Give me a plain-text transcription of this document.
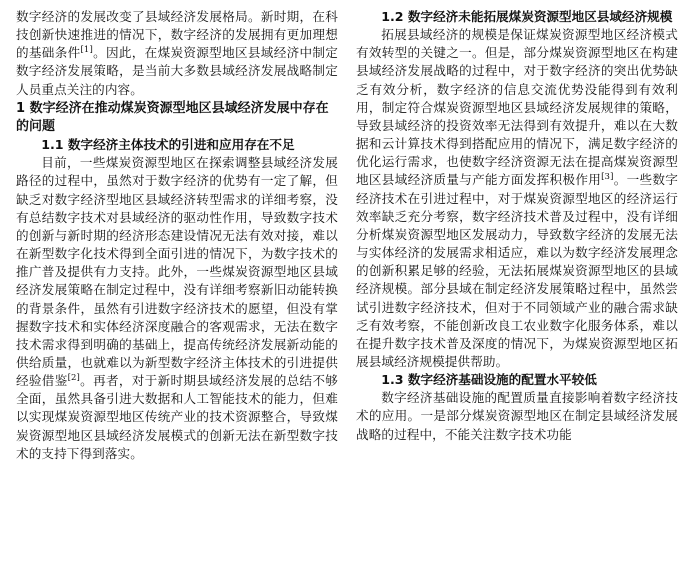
数字经济的发展改变了县域经济发展格局。新时期，在科技创新快速推进的情况下，数字经济的发展拥有更加理想的基础条件[1]。因此，在煤炭资源型地区县域经济中制定数字经济发展策略，是当前大多数县域经济发展战略制定人员重点关注的内容。

1 数字经济在推动煤炭资源型地区县域经济发展中存在的问题
1.1 数字经济主体技术的引进和应用存在不足

目前，一些煤炭资源型地区在探索调整县域经济发展路径的过程中，虽然对于数字经济的优势有一定了解，但缺乏对数字经济型地区县域经济转型需求的详细考察，没有总结数字技术对县域经济的驱动性作用，导致数字技术的创新与新时期的经济形态建设情况无法有效对接，难以在新型数字化技术得到全面引进的情况下，为数字技术的推广普及提供有力支持。此外，一些煤炭资源型地区县域经济发展策略在制定过程中，没有详细考察新旧动能转换的背景条件，虽然有引进数字经济技术的愿望，但没有掌握数字技术和实体经济深度融合的客观需求，无法在数字技术需求得到明确的基础上，提高传统经济发展新动能的供给质量，也就难以为新型数字经济主体技术的引进提供经验借鉴[2]。再者，对于新时期县域经济发展的总结不够全面，虽然具备引进大数据和人工智能技术的能力，但难以实现煤炭资源型地区传统产业的技术资源整合，导致煤炭资源型地区县域经济发展模式的创新无法在新型数字技术的支持下得到落实。

1.2 数字经济未能拓展煤炭资源型地区县域经济规模

拓展县域经济的规模是保证煤炭资源型地区经济模式有效转型的关键之一。但是，部分煤炭资源型地区在构建县域经济发展战略的过程中，对于数字经济的突出优势缺乏有效分析，数字经济的信息交流优势没能得到有效利用，制定符合煤炭资源型地区县域经济发展规律的策略，导致县域经济的投资效率无法得到有效提升，难以在大数据和云计算技术得到搭配应用的情况下，满足数字经济的优化运行需求，也使数字经济资源无法在提高煤炭资源型地区县域经济质量与产能方面发挥积极作用[3]。一些数字经济技术在引进过程中，对于煤炭资源型地区的经济运行效率缺乏充分考察，数字经济技术普及过程中，没有详细分析煤炭资源型地区发展动力，导致数字经济的发展无法与实体经济的发展需求相适应，难以为数字经济发展理念的创新积累足够的经验，无法拓展煤炭资源型地区的县域经济规模。部分县域在制定经济发展策略过程中，虽然尝试引进数字经济技术，但对于不同领域产业的融合需求缺乏有效考察，不能创新改良工农业数字化服务体系，难以在提升数字技术普及深度的情况下，为煤炭资源型地区拓展县域经济规模提供帮助。

1.3 数字经济基础设施的配置水平较低

数字经济基础设施的配置质量直接影响着数字经济技术的应用。一是部分煤炭资源型地区在制定县域经济发展战略的过程中，不能关注数字技术功能
